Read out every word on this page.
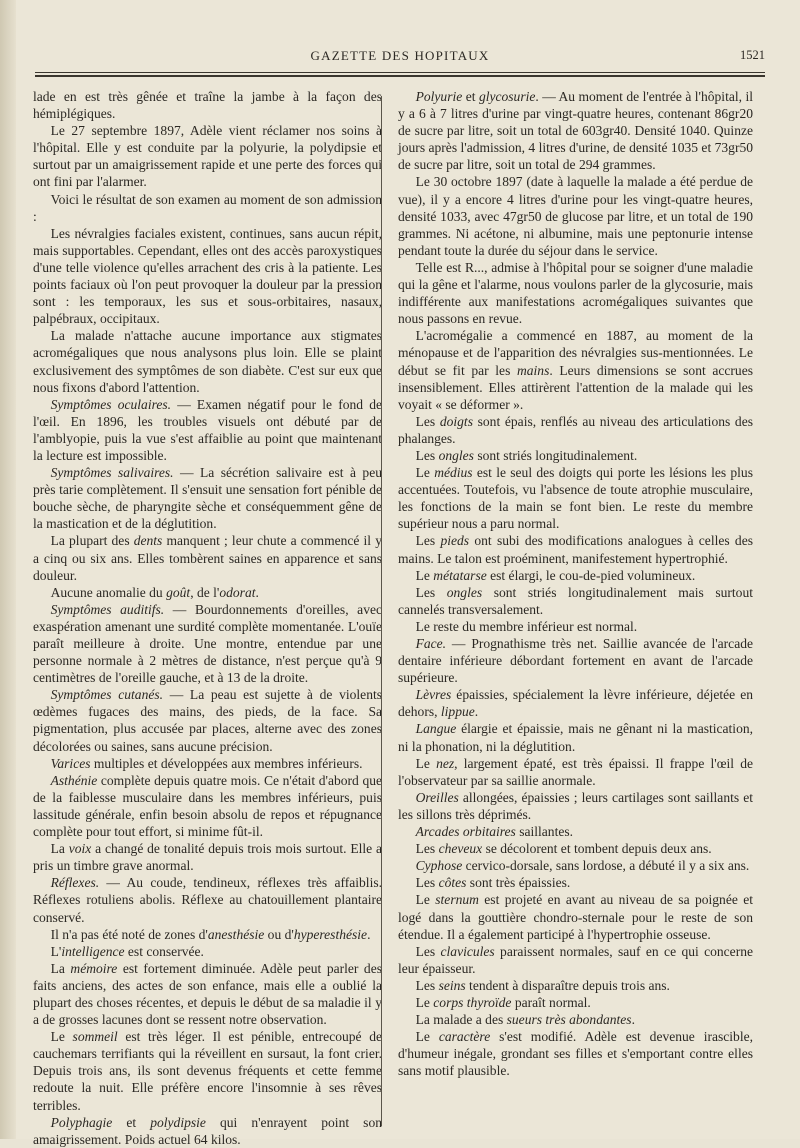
GAZETTE DES HOPITAUX	1521

lade en est très gênée et traîne la jambe à la façon des hémiplégiques.

Le 27 septembre 1897, Adèle vient réclamer nos soins à l'hôpital. Elle y est conduite par la polyurie, la polydipsie et surtout par un amaigrissement rapide et une perte des forces qui ont fini par l'alarmer.

Voici le résultat de son examen au moment de son admission :

Les névralgies faciales existent, continues, sans aucun répit, mais supportables. Cependant, elles ont des accès paroxystiques d'une telle violence qu'elles arrachent des cris à la patiente. Les points faciaux où l'on peut provoquer la douleur par la pression sont : les temporaux, les sus et sous-orbitaires, nasaux, palpébraux, occipitaux.

La malade n'attache aucune importance aux stigmates acromégaliques que nous analysons plus loin. Elle se plaint exclusivement des symptômes de son diabète. C'est sur eux que nous fixons d'abord l'attention.

Symptômes oculaires. — Examen négatif pour le fond de l'œil. En 1896, les troubles visuels ont débuté par de l'amblyopie, puis la vue s'est affaiblie au point que maintenant la lecture est impossible.

Symptômes salivaires. — La sécrétion salivaire est à peu près tarie complètement. Il s'ensuit une sensation fort pénible de bouche sèche, de pharyngite sèche et conséquemment gêne de la mastication et de la déglutition.

La plupart des dents manquent ; leur chute a commencé il y a cinq ou six ans. Elles tombèrent saines en apparence et sans douleur.

Aucune anomalie du goût, de l'odorat.

Symptômes auditifs. — Bourdonnements d'oreilles, avec exaspération amenant une surdité complète momentanée. L'ouïe paraît meilleure à droite. Une montre, entendue par une personne normale à 2 mètres de distance, n'est perçue qu'à 9 centimètres de l'oreille gauche, et à 13 de la droite.

Symptômes cutanés. — La peau est sujette à de violents œdèmes fugaces des mains, des pieds, de la face. Sa pigmentation, plus accusée par places, alterne avec des zones décolorées ou saines, sans aucune précision.

Varices multiples et développées aux membres inférieurs.

Asthénie complète depuis quatre mois. Ce n'était d'abord que de la faiblesse musculaire dans les membres inférieurs, puis lassitude générale, enfin besoin absolu de repos et répugnance complète pour tout effort, si minime fût-il.

La voix a changé de tonalité depuis trois mois surtout. Elle a pris un timbre grave anormal.

Réflexes. — Au coude, tendineux, réflexes très affaiblis. Réflexes rotuliens abolis. Réflexe au chatouillement plantaire conservé.

Il n'a pas été noté de zones d'anesthésie ou d'hyperesthésie.

L'intelligence est conservée.

La mémoire est fortement diminuée. Adèle peut parler des faits anciens, des actes de son enfance, mais elle a oublié la plupart des choses récentes, et depuis le début de sa maladie il y a de grosses lacunes dont se ressent notre observation.

Le sommeil est très léger. Il est pénible, entrecoupé de cauchemars terrifiants qui la réveillent en sursaut, la font crier. Depuis trois ans, ils sont devenus fréquents et cette femme redoute la nuit. Elle préfère encore l'insomnie à ses rêves terribles.

Polyphagie et polydipsie qui n'enrayent point son amaigrissement. Poids actuel 64 kilos.

Polyurie et glycosurie. — Au moment de l'entrée à l'hôpital, il y a 6 à 7 litres d'urine par vingt-quatre heures, contenant 86gr20 de sucre par litre, soit un total de 603gr40. Densité 1040. Quinze jours après l'admission, 4 litres d'urine, de densité 1035 et 73gr50 de sucre par litre, soit un total de 294 grammes.

Le 30 octobre 1897 (date à laquelle la malade a été perdue de vue), il y a encore 4 litres d'urine pour les vingt-quatre heures, densité 1033, avec 47gr50 de glucose par litre, et un total de 190 grammes. Ni acétone, ni albumine, mais une peptonurie intense pendant toute la durée du séjour dans le service.

Telle est R..., admise à l'hôpital pour se soigner d'une maladie qui la gêne et l'alarme, nous voulons parler de la glycosurie, mais indifférente aux manifestations acromégaliques suivantes que nous passons en revue.

L'acromégalie a commencé en 1887, au moment de la ménopause et de l'apparition des névralgies sus-mentionnées. Le début se fit par les mains. Leurs dimensions se sont accrues insensiblement. Elles attirèrent l'attention de la malade qui les voyait « se déformer ».

Les doigts sont épais, renflés au niveau des articulations des phalanges.

Les ongles sont striés longitudinalement.

Le médius est le seul des doigts qui porte les lésions les plus accentuées. Toutefois, vu l'absence de toute atrophie musculaire, les fonctions de la main se font bien. Le reste du membre supérieur nous a paru normal.

Les pieds ont subi des modifications analogues à celles des mains. Le talon est proéminent, manifestement hypertrophié.

Le métatarse est élargi, le cou-de-pied volumineux.

Les ongles sont striés longitudinalement mais surtout cannelés transversalement.

Le reste du membre inférieur est normal.

Face. — Prognathisme très net. Saillie avancée de l'arcade dentaire inférieure débordant fortement en avant de l'arcade supérieure.

Lèvres épaissies, spécialement la lèvre inférieure, déjetée en dehors, lippue.

Langue élargie et épaissie, mais ne gênant ni la mastication, ni la phonation, ni la déglutition.

Le nez, largement épaté, est très épaissi. Il frappe l'œil de l'observateur par sa saillie anormale.

Oreilles allongées, épaissies ; leurs cartilages sont saillants et les sillons très déprimés.

Arcades orbitaires saillantes.

Les cheveux se décolorent et tombent depuis deux ans.

Cyphose cervico-dorsale, sans lordose, a débuté il y a six ans.

Les côtes sont très épaissies.

Le sternum est projeté en avant au niveau de sa poignée et logé dans la gouttière chondro-sternale pour le reste de son étendue. Il a également participé à l'hypertrophie osseuse.

Les clavicules paraissent normales, sauf en ce qui concerne leur épaisseur.

Les seins tendent à disparaître depuis trois ans.

Le corps thyroïde paraît normal.

La malade a des sueurs très abondantes.

Le caractère s'est modifié. Adèle est devenue irascible, d'humeur inégale, grondant ses filles et s'emportant contre elles sans motif plausible.
